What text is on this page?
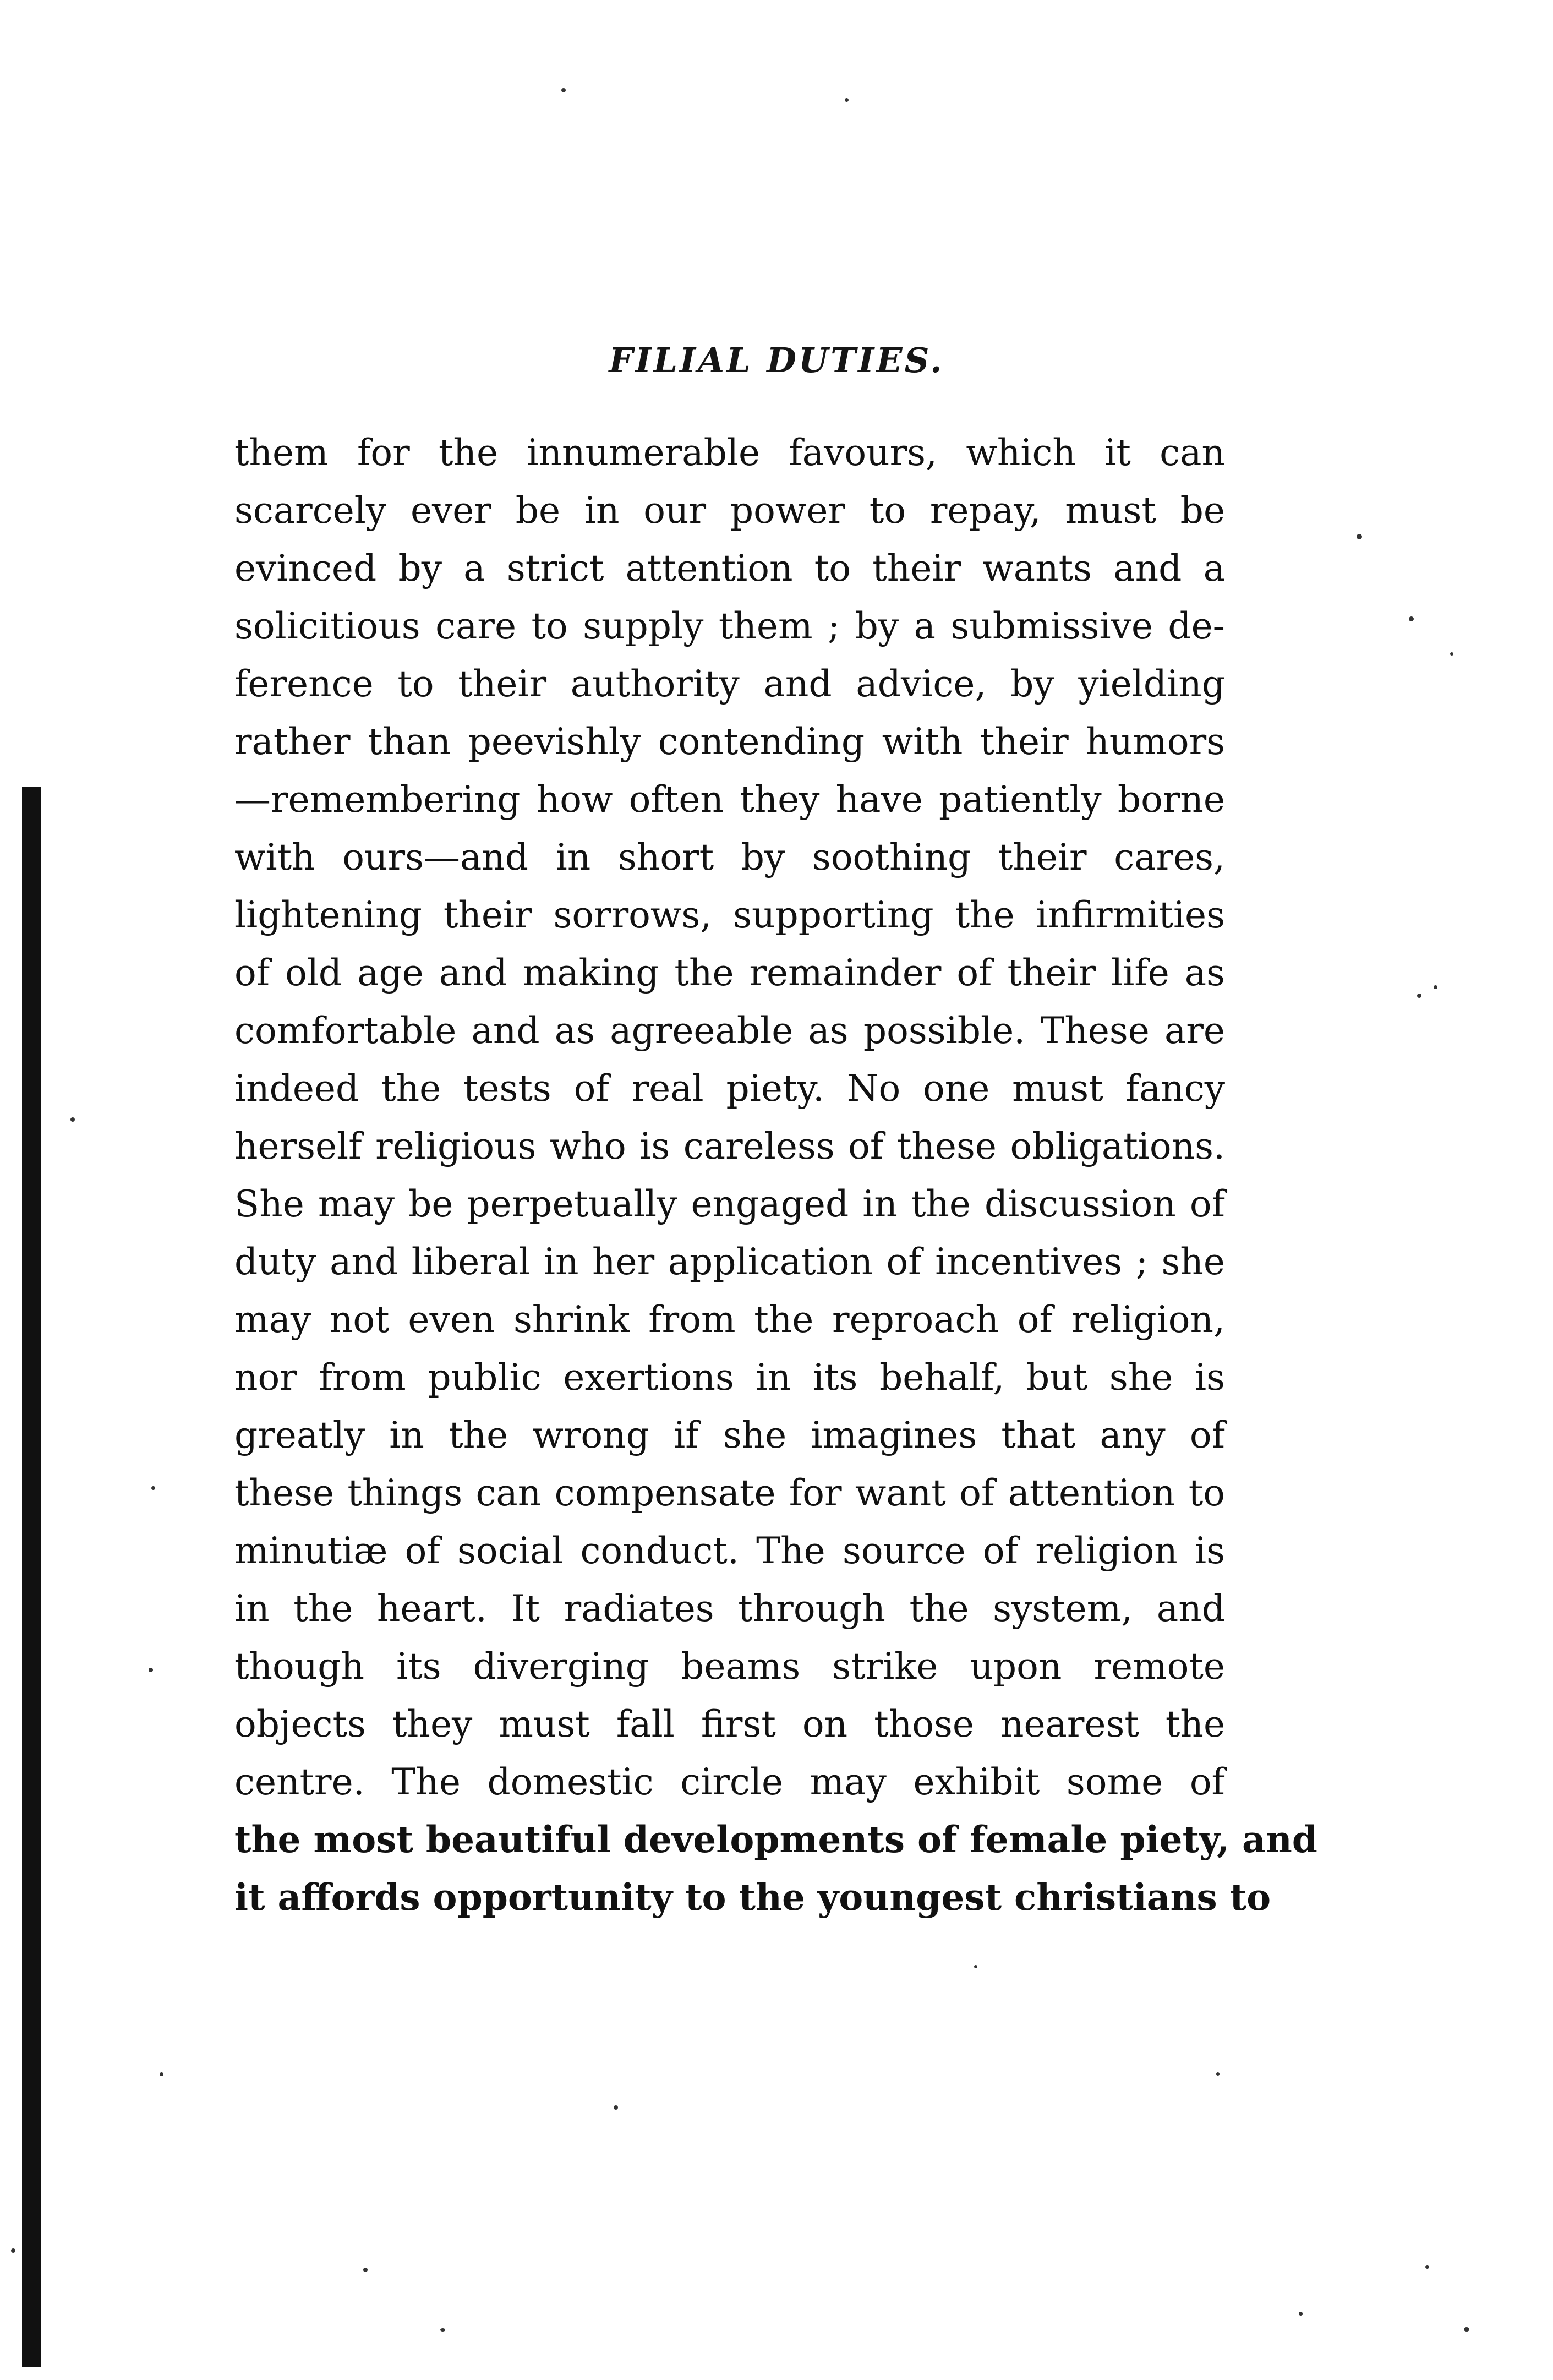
FILIAL DUTIES.
them for the innumerable favours, which it can
scarcely ever be in our power to repay, must be
evinced by a strict attention to their wants and a
solicitious care to supply them ; by a submissive de-
ference to their authority and advice, by yielding
rather than peevishly contending with their humors
—remembering how often they have patiently borne
with ours—and in short by soothing their cares,
lightening their sorrows, supporting the infirmities
of old age and making the remainder of their life as
comfortable and as agreeable as possible. These are
indeed the tests of real piety. No one must fancy
herself religious who is careless of these obligations.
She may be perpetually engaged in the discussion of
duty and liberal in her application of incentives ; she
may not even shrink from the reproach of religion,
nor from public exertions in its behalf, but she is
greatly in the wrong if she imagines that any of
these things can compensate for want of attention to
minutiæ of social conduct. The source of religion is
in the heart. It radiates through the system, and
though its diverging beams strike upon remote
objects they must fall first on those nearest the
centre. The domestic circle may exhibit some of
the most beautiful developments of female piety, and
it affords opportunity to the youngest christians to
